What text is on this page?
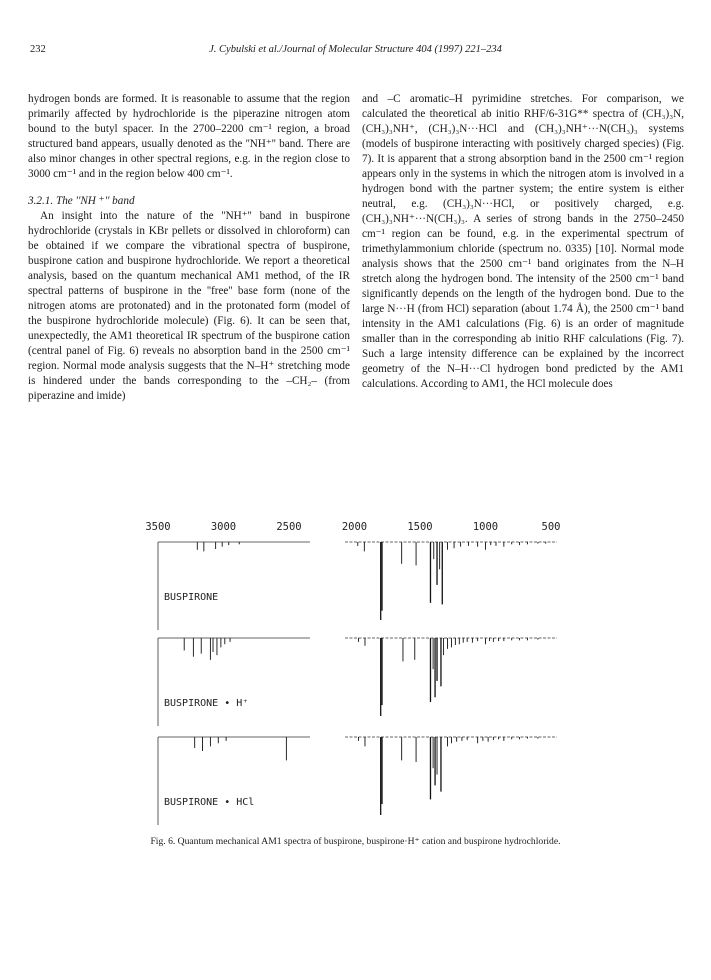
232	J. Cybulski et al./Journal of Molecular Structure 404 (1997) 221–234

hydrogen bonds are formed. It is reasonable to assume that the region primarily affected by hydrochloride is the piperazine nitrogen atom bound to the butyl spacer. In the 2700–2200 cm⁻¹ region, a broad structured band appears, usually denoted as the ''NH⁺'' band. There are also minor changes in other spectral regions, e.g. in the region close to 3000 cm⁻¹ and in the region below 400 cm⁻¹.

3.2.1. The ''NH ⁺'' band

An insight into the nature of the ''NH⁺'' band in buspirone hydrochloride (crystals in KBr pellets or dissolved in chloroform) can be obtained if we compare the vibrational spectra of buspirone, buspirone cation and buspirone hydrochloride. We report a theoretical analysis, based on the quantum mechanical AM1 method, of the IR spectral patterns of buspirone in the ''free'' base form (none of the nitrogen atoms are protonated) and in the protonated form (model of the buspirone hydrochloride molecule) (Fig. 6). It can be seen that, unexpectedly, the AM1 theoretical IR spectrum of the buspirone cation (central panel of Fig. 6) reveals no absorption band in the 2500 cm⁻¹ region. Normal mode analysis suggests that the N–H⁺ stretching mode is hindered under the bands corresponding to the –CH₂– (from piperazine and imide)

and –C aromatic–H pyrimidine stretches. For comparison, we calculated the theoretical ab initio RHF/6-31G** spectra of (CH₃)₃N, (CH₃)₃NH⁺, (CH₃)₃N···HCl and (CH₃)₃NH⁺···N(CH₃)₃ systems (models of buspirone interacting with positively charged species) (Fig. 7). It is apparent that a strong absorption band in the 2500 cm⁻¹ region appears only in the systems in which the nitrogen atom is involved in a hydrogen bond with the partner system; the entire system is either neutral, e.g. (CH₃)₃N···HCl, or positively charged, e.g. (CH₃)₃NH⁺···N(CH₃)₃. A series of strong bands in the 2750–2450 cm⁻¹ region can be found, e.g. in the experimental spectrum of trimethylammonium chloride (spectrum no. 0335) [10]. Normal mode analysis shows that the 2500 cm⁻¹ band originates from the N–H stretch along the hydrogen bond. The intensity of the 2500 cm⁻¹ band significantly depends on the length of the hydrogen bond. Due to the large N···H (from HCl) separation (about 1.74 Å), the 2500 cm⁻¹ band intensity in the AM1 calculations (Fig. 6) is an order of magnitude smaller than in the corresponding ab initio RHF calculations (Fig. 7). Such a large intensity difference can be explained by the incorrect geometry of the N–H···Cl hydrogen bond predicted by the AM1 calculations. According to AM1, the HCl molecule does

3500	3000	2500	2000	1500	1000	500
BUSPIRONE
BUSPIRONE • H⁺
BUSPIRONE • HCl
Fig. 6. Quantum mechanical AM1 spectra of buspirone, buspirone·H⁺ cation and buspirone hydrochloride.
